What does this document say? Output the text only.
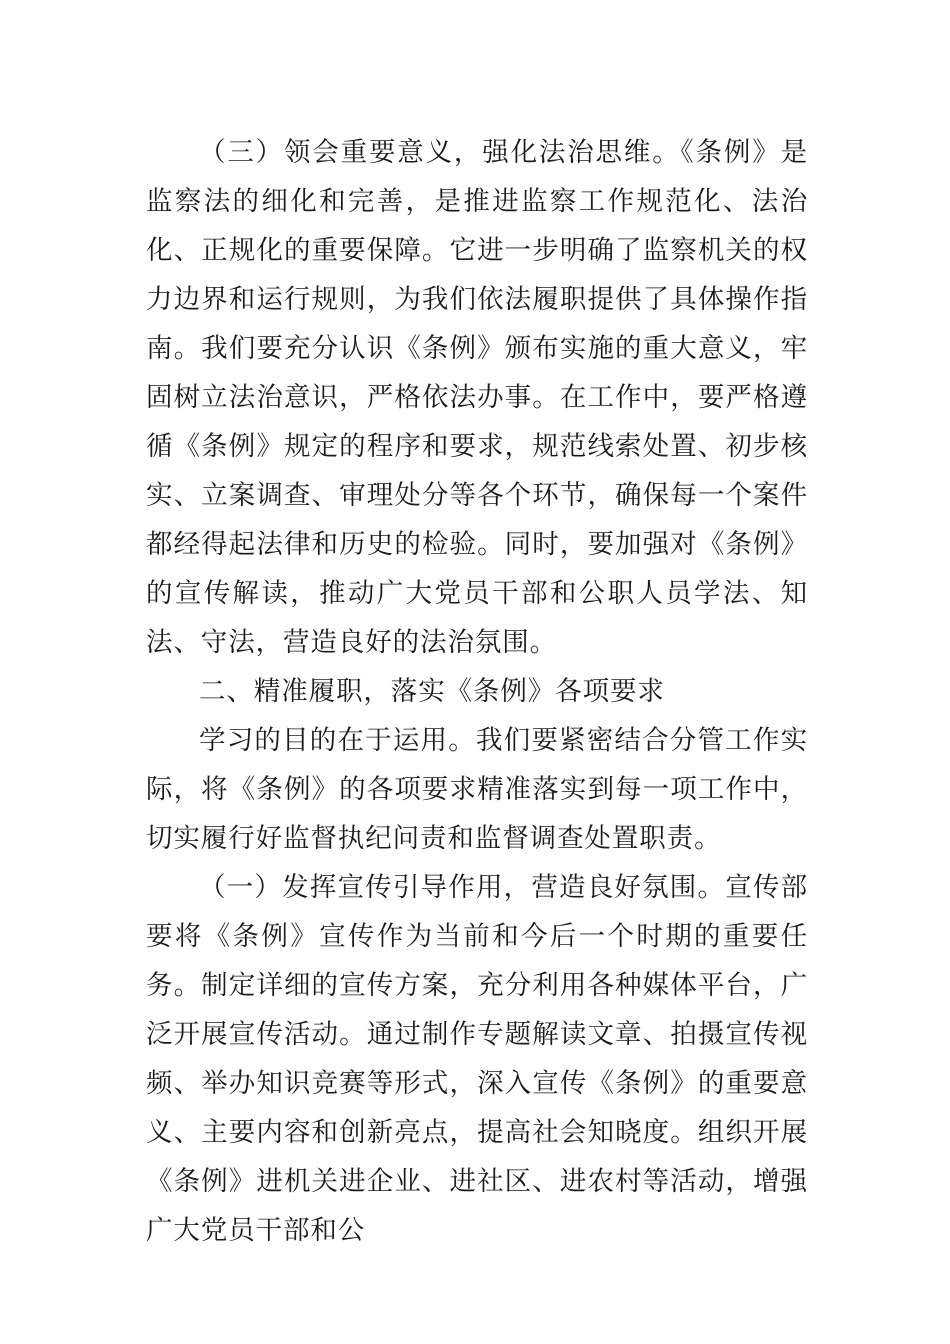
（三）领会重要意义，强化法治思维。《条例》是监察法的细化和完善，是推进监察工作规范化、法治化、正规化的重要保障。它进一步明确了监察机关的权力边界和运行规则，为我们依法履职提供了具体操作指南。我们要充分认识《条例》颁布实施的重大意义，牢固树立法治意识，严格依法办事。在工作中，要严格遵循《条例》规定的程序和要求，规范线索处置、初步核实、立案调查、审理处分等各个环节，确保每一个案件都经得起法律和历史的检验。同时，要加强对《条例》的宣传解读，推动广大党员干部和公职人员学法、知法、守法，营造良好的法治氛围。

二、精准履职，落实《条例》各项要求

学习的目的在于运用。我们要紧密结合分管工作实际，将《条例》的各项要求精准落实到每一项工作中，切实履行好监督执纪问责和监督调查处置职责。

（一）发挥宣传引导作用，营造良好氛围。宣传部要将《条例》宣传作为当前和今后一个时期的重要任务。制定详细的宣传方案，充分利用各种媒体平台，广泛开展宣传活动。通过制作专题解读文章、拍摄宣传视频、举办知识竞赛等形式，深入宣传《条例》的重要意义、主要内容和创新亮点，提高社会知晓度。组织开展《条例》进机关进企业、进社区、进农村等活动，增强广大党员干部和公
